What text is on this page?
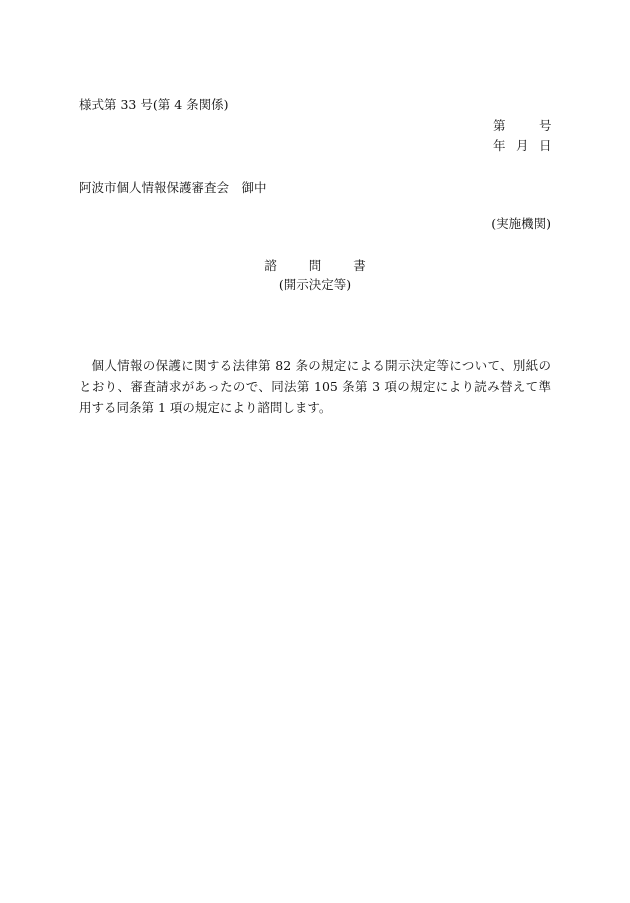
様式第 33 号(第 4 条関係)
第	号
年 月 日
阿波市個人情報保護審査会　御中
(実施機関)
諮	問	書
(開示決定等)
個人情報の保護に関する法律第 82 条の規定による開示決定等について、別紙のとおり、審査請求があったので、同法第 105 条第 3 項の規定により読み替えて準用する同条第 1 項の規定により諮問します。
